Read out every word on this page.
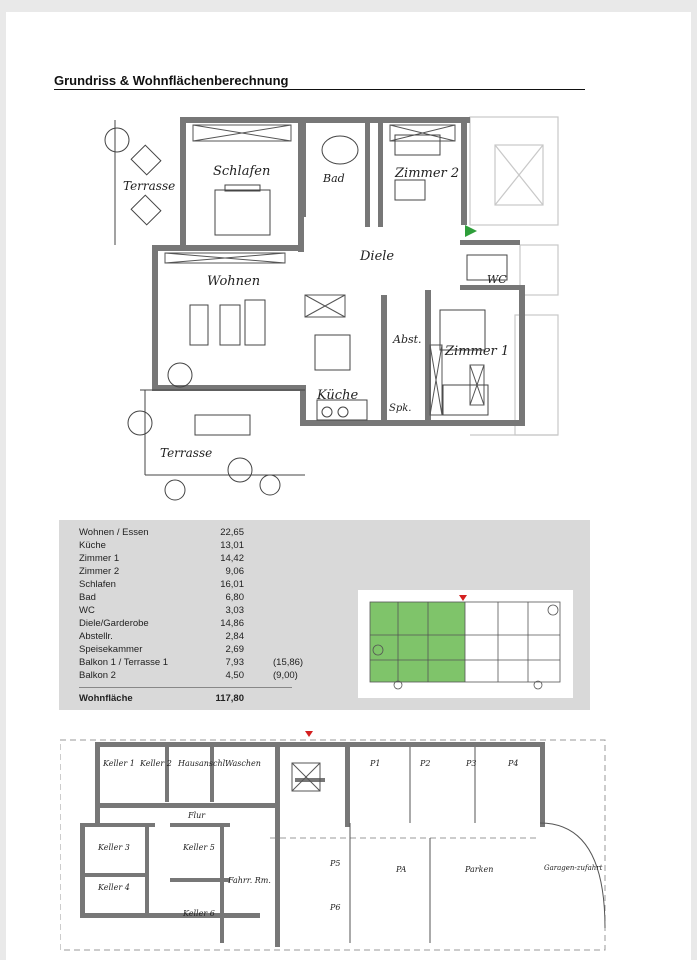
Grundriss & Wohnflächenberechnung
Schlafen	Bad	Zimmer 2
Terrasse
Diele
WC
Wohnen
Abst.
Zimmer 1
Küche
Spk.
Terrasse
Wohnen / Essen	22,65
Küche	13,01
Zimmer 1	14,42
Zimmer 2	9,06
Schlafen	16,01
Bad	6,80
WC	3,03
Diele/Garderobe	14,86
Abstellr.	2,84
Speisekammer	2,69
Balkon 1 / Terrasse 1	7,93	(15,86)
Balkon 2	4,50	(9,00)
Wohnfläche	117,80
Keller 1 Keller 2 Hausanschl.
Waschen
Flur
Keller 3	Keller 5
Keller 4
Keller 6
Fahrr. Rm.
P1	P2	P3	P4
P5
P6
PA	Parken	Garagen-zufahrt
